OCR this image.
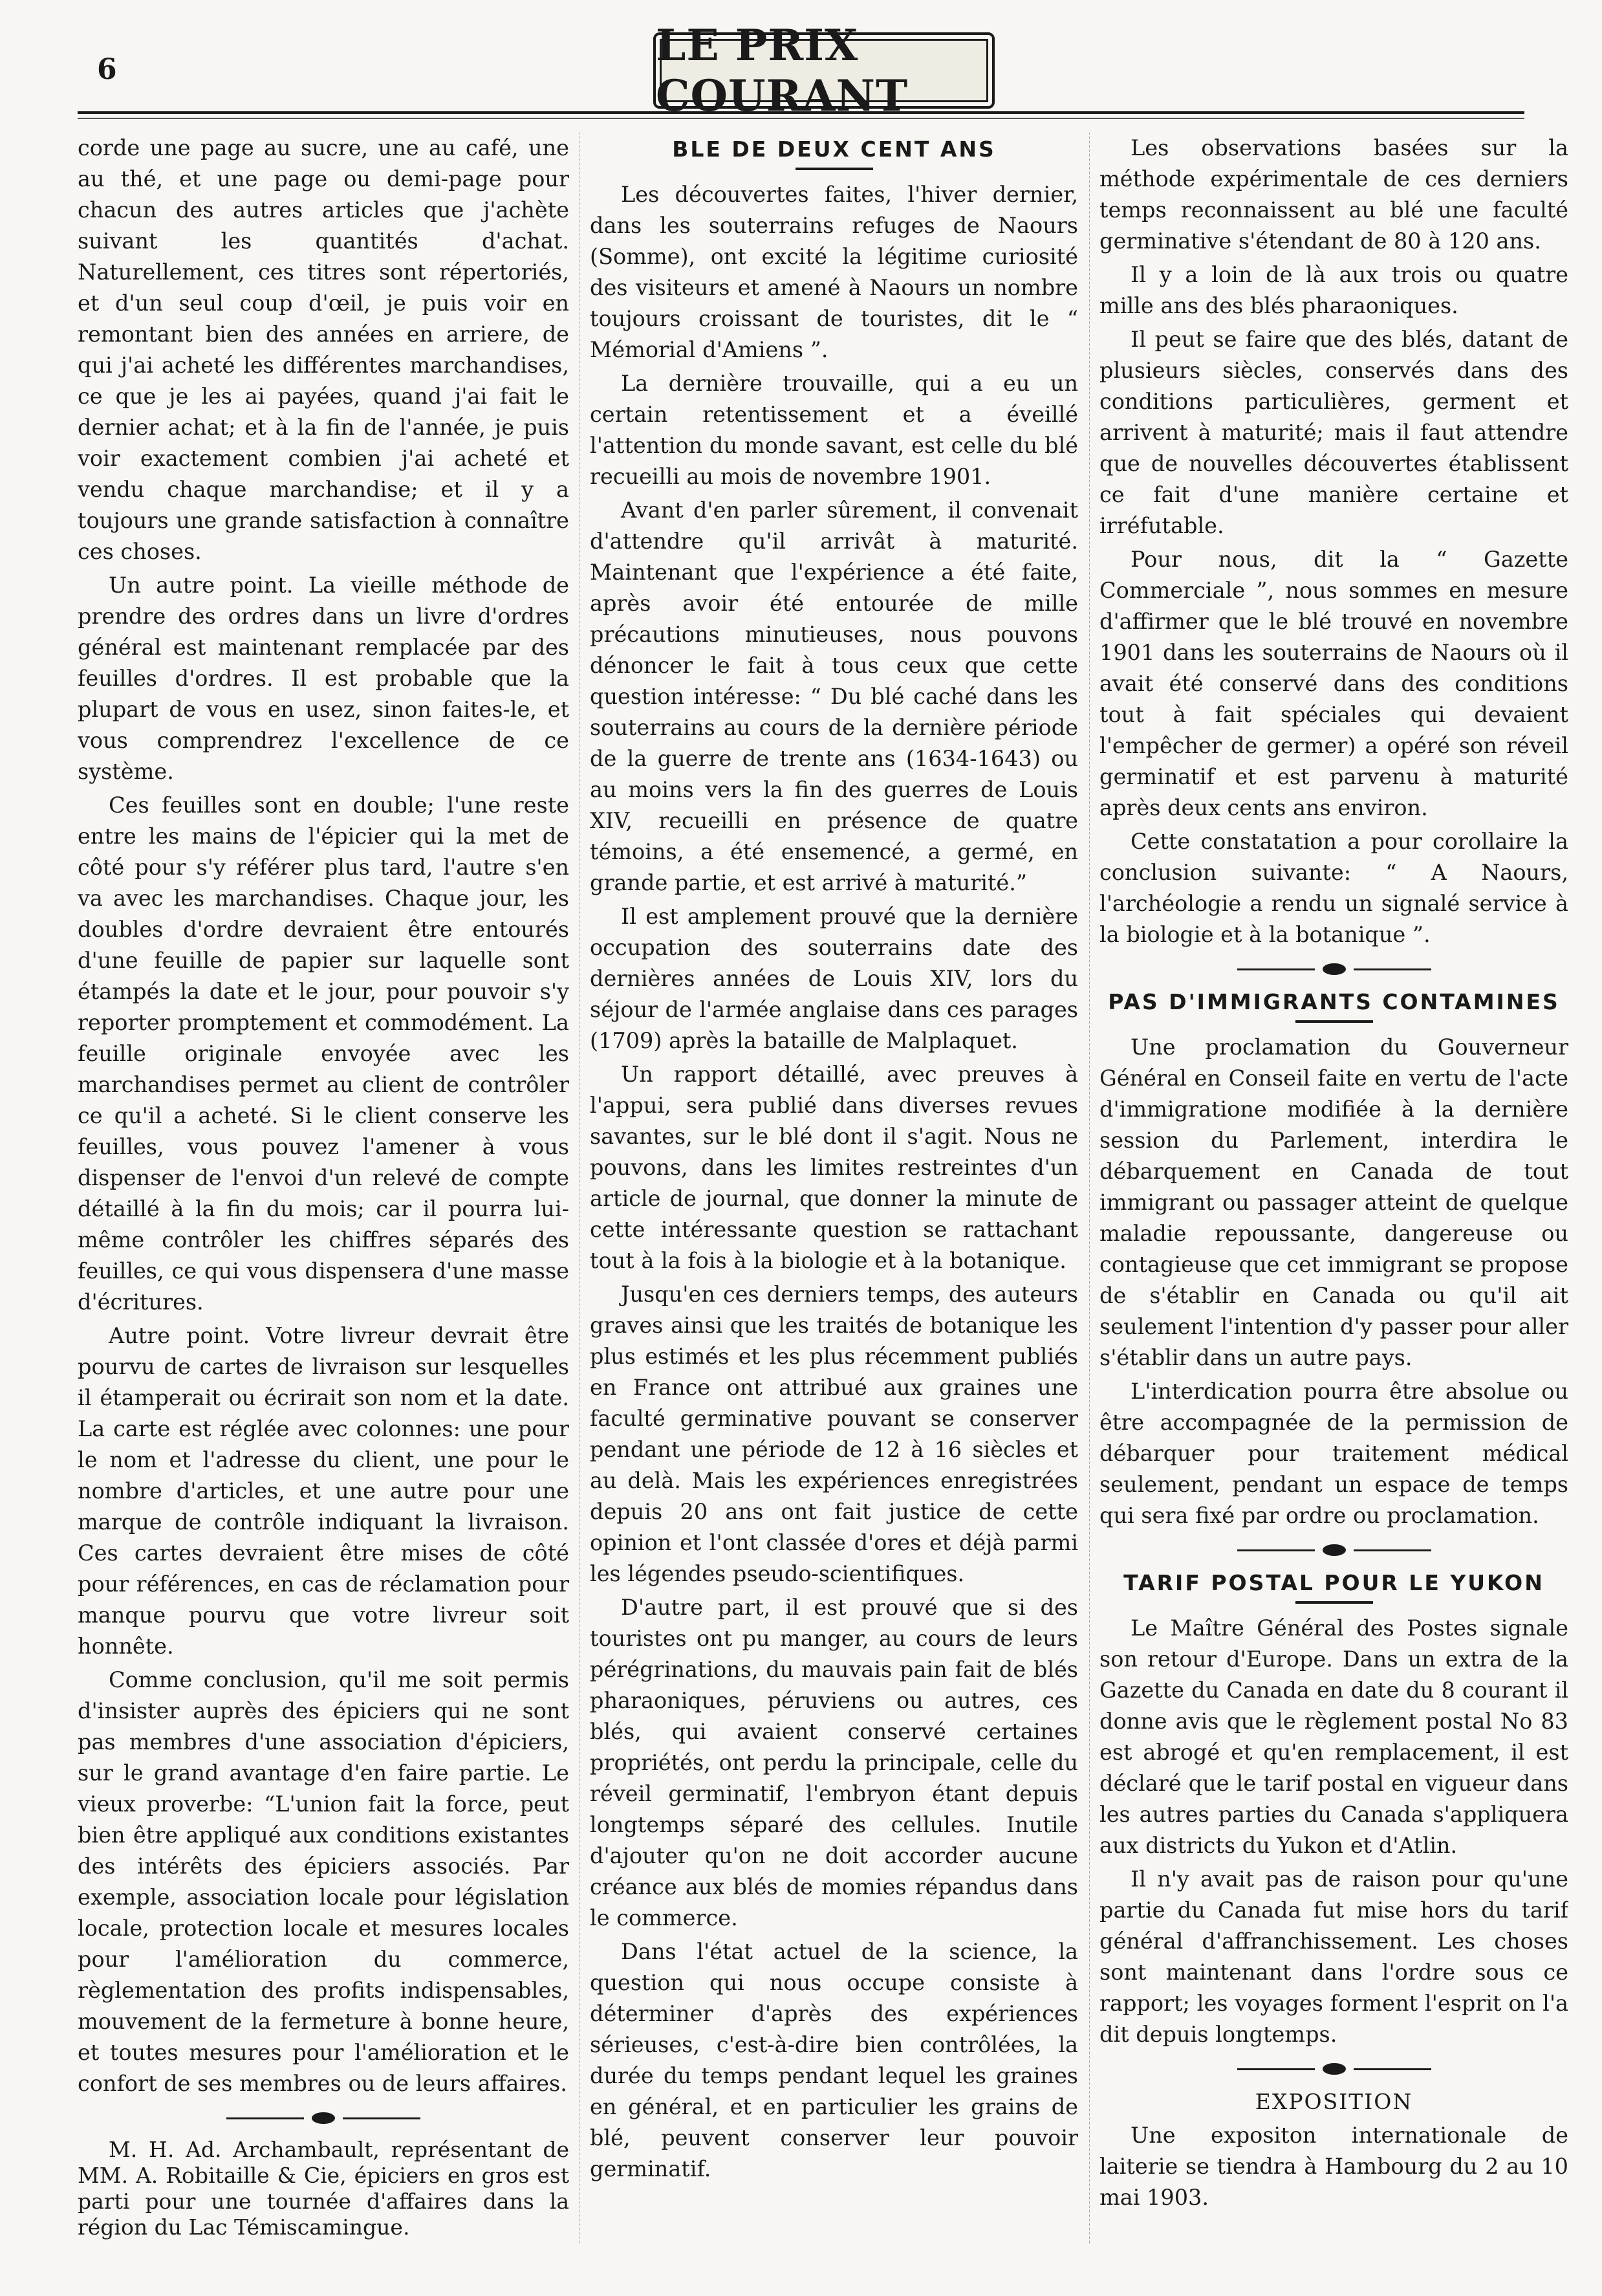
6	LE PRIX COURANT

corde une page au sucre, une au café, une au thé, et une page ou demi-page pour chacun des autres articles que j'achète suivant les quantités d'achat. Naturellement, ces titres sont répertoriés, et d'un seul coup d'œil, je puis voir en remontant bien des années en arriere, de qui j'ai acheté les différentes marchandises, ce que je les ai payées, quand j'ai fait le dernier achat; et à la fin de l'année, je puis voir exactement combien j'ai acheté et vendu chaque marchandise; et il y a toujours une grande satisfaction à connaître ces choses.

Un autre point. La vieille méthode de prendre des ordres dans un livre d'ordres général est maintenant remplacée par des feuilles d'ordres. Il est probable que la plupart de vous en usez, sinon faites-le, et vous comprendrez l'excellence de ce système.

Ces feuilles sont en double; l'une reste entre les mains de l'épicier qui la met de côté pour s'y référer plus tard, l'autre s'en va avec les marchandises. Chaque jour, les doubles d'ordre devraient être entourés d'une feuille de papier sur laquelle sont étampés la date et le jour, pour pouvoir s'y reporter promptement et commodément. La feuille originale envoyée avec les marchandises permet au client de contrôler ce qu'il a acheté. Si le client conserve les feuilles, vous pouvez l'amener à vous dispenser de l'envoi d'un relevé de compte détaillé à la fin du mois; car il pourra lui-même contrôler les chiffres séparés des feuilles, ce qui vous dispensera d'une masse d'écritures.

Autre point. Votre livreur devrait être pourvu de cartes de livraison sur lesquelles il étamperait ou écrirait son nom et la date. La carte est réglée avec colonnes: une pour le nom et l'adresse du client, une pour le nombre d'articles, et une autre pour une marque de contrôle indiquant la livraison. Ces cartes devraient être mises de côté pour références, en cas de réclamation pour manque pourvu que votre livreur soit honnête.

Comme conclusion, qu'il me soit permis d'insister auprès des épiciers qui ne sont pas membres d'une association d'épiciers, sur le grand avantage d'en faire partie. Le vieux proverbe: “L'union fait la force, peut bien être appliqué aux conditions existantes des intérêts des épiciers associés. Par exemple, association locale pour législation locale, protection locale et mesures locales pour l'amélioration du commerce, règlementation des profits indispensables, mouvement de la fermeture à bonne heure, et toutes mesures pour l'amélioration et le confort de ses membres ou de leurs affaires.

M. H. Ad. Archambault, représentant de MM. A. Robitaille & Cie, épiciers en gros est parti pour une tournée d'affaires dans la région du Lac Témiscamingue.

BLE DE DEUX CENT ANS

Les découvertes faites, l'hiver dernier, dans les souterrains refuges de Naours (Somme), ont excité la légitime curiosité des visiteurs et amené à Naours un nombre toujours croissant de touristes, dit le “ Mémorial d'Amiens ”.

La dernière trouvaille, qui a eu un certain retentissement et a éveillé l'attention du monde savant, est celle du blé recueilli au mois de novembre 1901.

Avant d'en parler sûrement, il convenait d'attendre qu'il arrivât à maturité. Maintenant que l'expérience a été faite, après avoir été entourée de mille précautions minutieuses, nous pouvons dénoncer le fait à tous ceux que cette question intéresse: “ Du blé caché dans les souterrains au cours de la dernière période de la guerre de trente ans (1634-1643) ou au moins vers la fin des guerres de Louis XIV, recueilli en présence de quatre témoins, a été ensemencé, a germé, en grande partie, et est arrivé à maturité.”

Il est amplement prouvé que la dernière occupation des souterrains date des dernières années de Louis XIV, lors du séjour de l'armée anglaise dans ces parages (1709) après la bataille de Malplaquet.

Un rapport détaillé, avec preuves à l'appui, sera publié dans diverses revues savantes, sur le blé dont il s'agit. Nous ne pouvons, dans les limites restreintes d'un article de journal, que donner la minute de cette intéressante question se rattachant tout à la fois à la biologie et à la botanique.

Jusqu'en ces derniers temps, des auteurs graves ainsi que les traités de botanique les plus estimés et les plus récemment publiés en France ont attribué aux graines une faculté germinative pouvant se conserver pendant une période de 12 à 16 siècles et au delà. Mais les expériences enregistrées depuis 20 ans ont fait justice de cette opinion et l'ont classée d'ores et déjà parmi les légendes pseudo-scientifiques.

D'autre part, il est prouvé que si des touristes ont pu manger, au cours de leurs pérégrinations, du mauvais pain fait de blés pharaoniques, péruviens ou autres, ces blés, qui avaient conservé certaines propriétés, ont perdu la principale, celle du réveil germinatif, l'embryon étant depuis longtemps séparé des cellules. Inutile d'ajouter qu'on ne doit accorder aucune créance aux blés de momies répandus dans le commerce.

Dans l'état actuel de la science, la question qui nous occupe consiste à déterminer d'après des expériences sérieuses, c'est-à-dire bien contrôlées, la durée du temps pendant lequel les graines en général, et en particulier les grains de blé, peuvent conserver leur pouvoir germinatif.

Les observations basées sur la méthode expérimentale de ces derniers temps reconnaissent au blé une faculté germinative s'étendant de 80 à 120 ans.

Il y a loin de là aux trois ou quatre mille ans des blés pharaoniques.

Il peut se faire que des blés, datant de plusieurs siècles, conservés dans des conditions particulières, germent et arrivent à maturité; mais il faut attendre que de nouvelles découvertes établissent ce fait d'une manière certaine et irréfutable.

Pour nous, dit la “ Gazette Commerciale ”, nous sommes en mesure d'affirmer que le blé trouvé en novembre 1901 dans les souterrains de Naours où il avait été conservé dans des conditions tout à fait spéciales qui devaient l'empêcher de germer) a opéré son réveil germinatif et est parvenu à maturité après deux cents ans environ.

Cette constatation a pour corollaire la conclusion suivante: “ A Naours, l'archéologie a rendu un signalé service à la biologie et à la botanique ”.

PAS D'IMMIGRANTS CONTAMINES

Une proclamation du Gouverneur Général en Conseil faite en vertu de l'acte d'immigratione modifiée à la dernière session du Parlement, interdira le débarquement en Canada de tout immigrant ou passager atteint de quelque maladie repoussante, dangereuse ou contagieuse que cet immigrant se propose de s'établir en Canada ou qu'il ait seulement l'intention d'y passer pour aller s'établir dans un autre pays.

L'interdication pourra être absolue ou être accompagnée de la permission de débarquer pour traitement médical seulement, pendant un espace de temps qui sera fixé par ordre ou proclamation.

TARIF POSTAL POUR LE YUKON

Le Maître Général des Postes signale son retour d'Europe. Dans un extra de la Gazette du Canada en date du 8 courant il donne avis que le règlement postal No 83 est abrogé et qu'en remplacement, il est déclaré que le tarif postal en vigueur dans les autres parties du Canada s'appliquera aux districts du Yukon et d'Atlin.

Il n'y avait pas de raison pour qu'une partie du Canada fut mise hors du tarif général d'affranchissement. Les choses sont maintenant dans l'ordre sous ce rapport; les voyages forment l'esprit on l'a dit depuis longtemps.

EXPOSITION

Une expositon internationale de laiterie se tiendra à Hambourg du 2 au 10 mai 1903.
